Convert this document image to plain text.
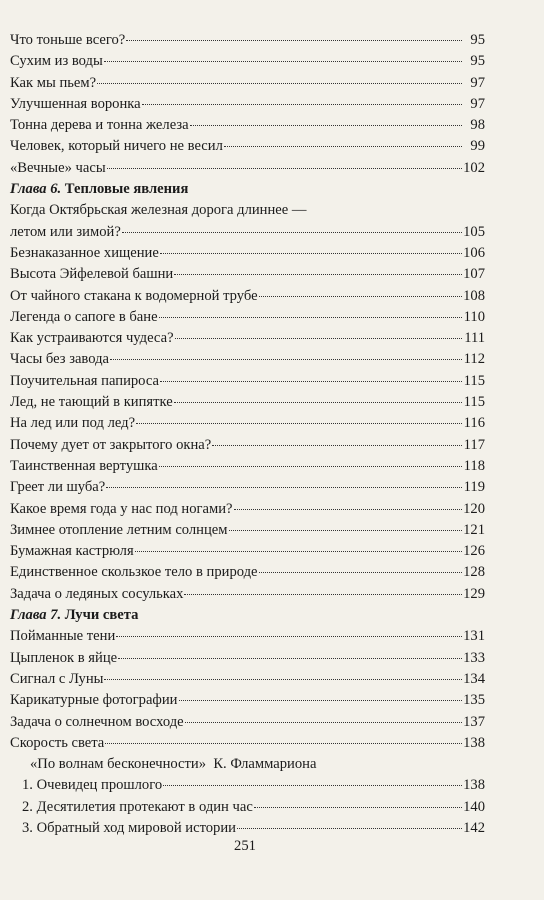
Что тоньше всего?	95
Сухим из воды	95
Как мы пьем?	97
Улучшенная воронка	97
Тонна дерева и тонна железа	98
Человек, который ничего не весил	99
«Вечные» часы	102
Глава 6.
Тепловые явления
Когда Октябрьская железная дорога длиннее —
летом или зимой?	105
Безнаказанное хищение	106
Высота Эйфелевой башни	107
От чайного стакана к водомерной трубе	108
Легенда о сапоге в бане	110
Как устраиваются чудеса?	111
Часы без завода	112
Поучительная папироса	115
Лед, не тающий в кипятке	115
На лед или под лед?	116
Почему дует от закрытого окна?	117
Таинственная вертушка	118
Греет ли шуба?	119
Какое время года у нас под ногами?	120
Зимнее отопление летним солнцем	121
Бумажная кастрюля	126
Единственное скользкое тело в природе	128
Задача о ледяных сосульках	129
Глава 7.
Лучи света
Пойманные тени	131
Цыпленок в яйце	133
Сигнал с Луны	134
Карикатурные фотографии	135
Задача о солнечном восходе	137
Скорость света	138
«По волнам бесконечности»  К. Фламмариона
1. Очевидец прошлого	138
2. Десятилетия протекают в один час	140
3. Обратный ход мировой истории	142
251
